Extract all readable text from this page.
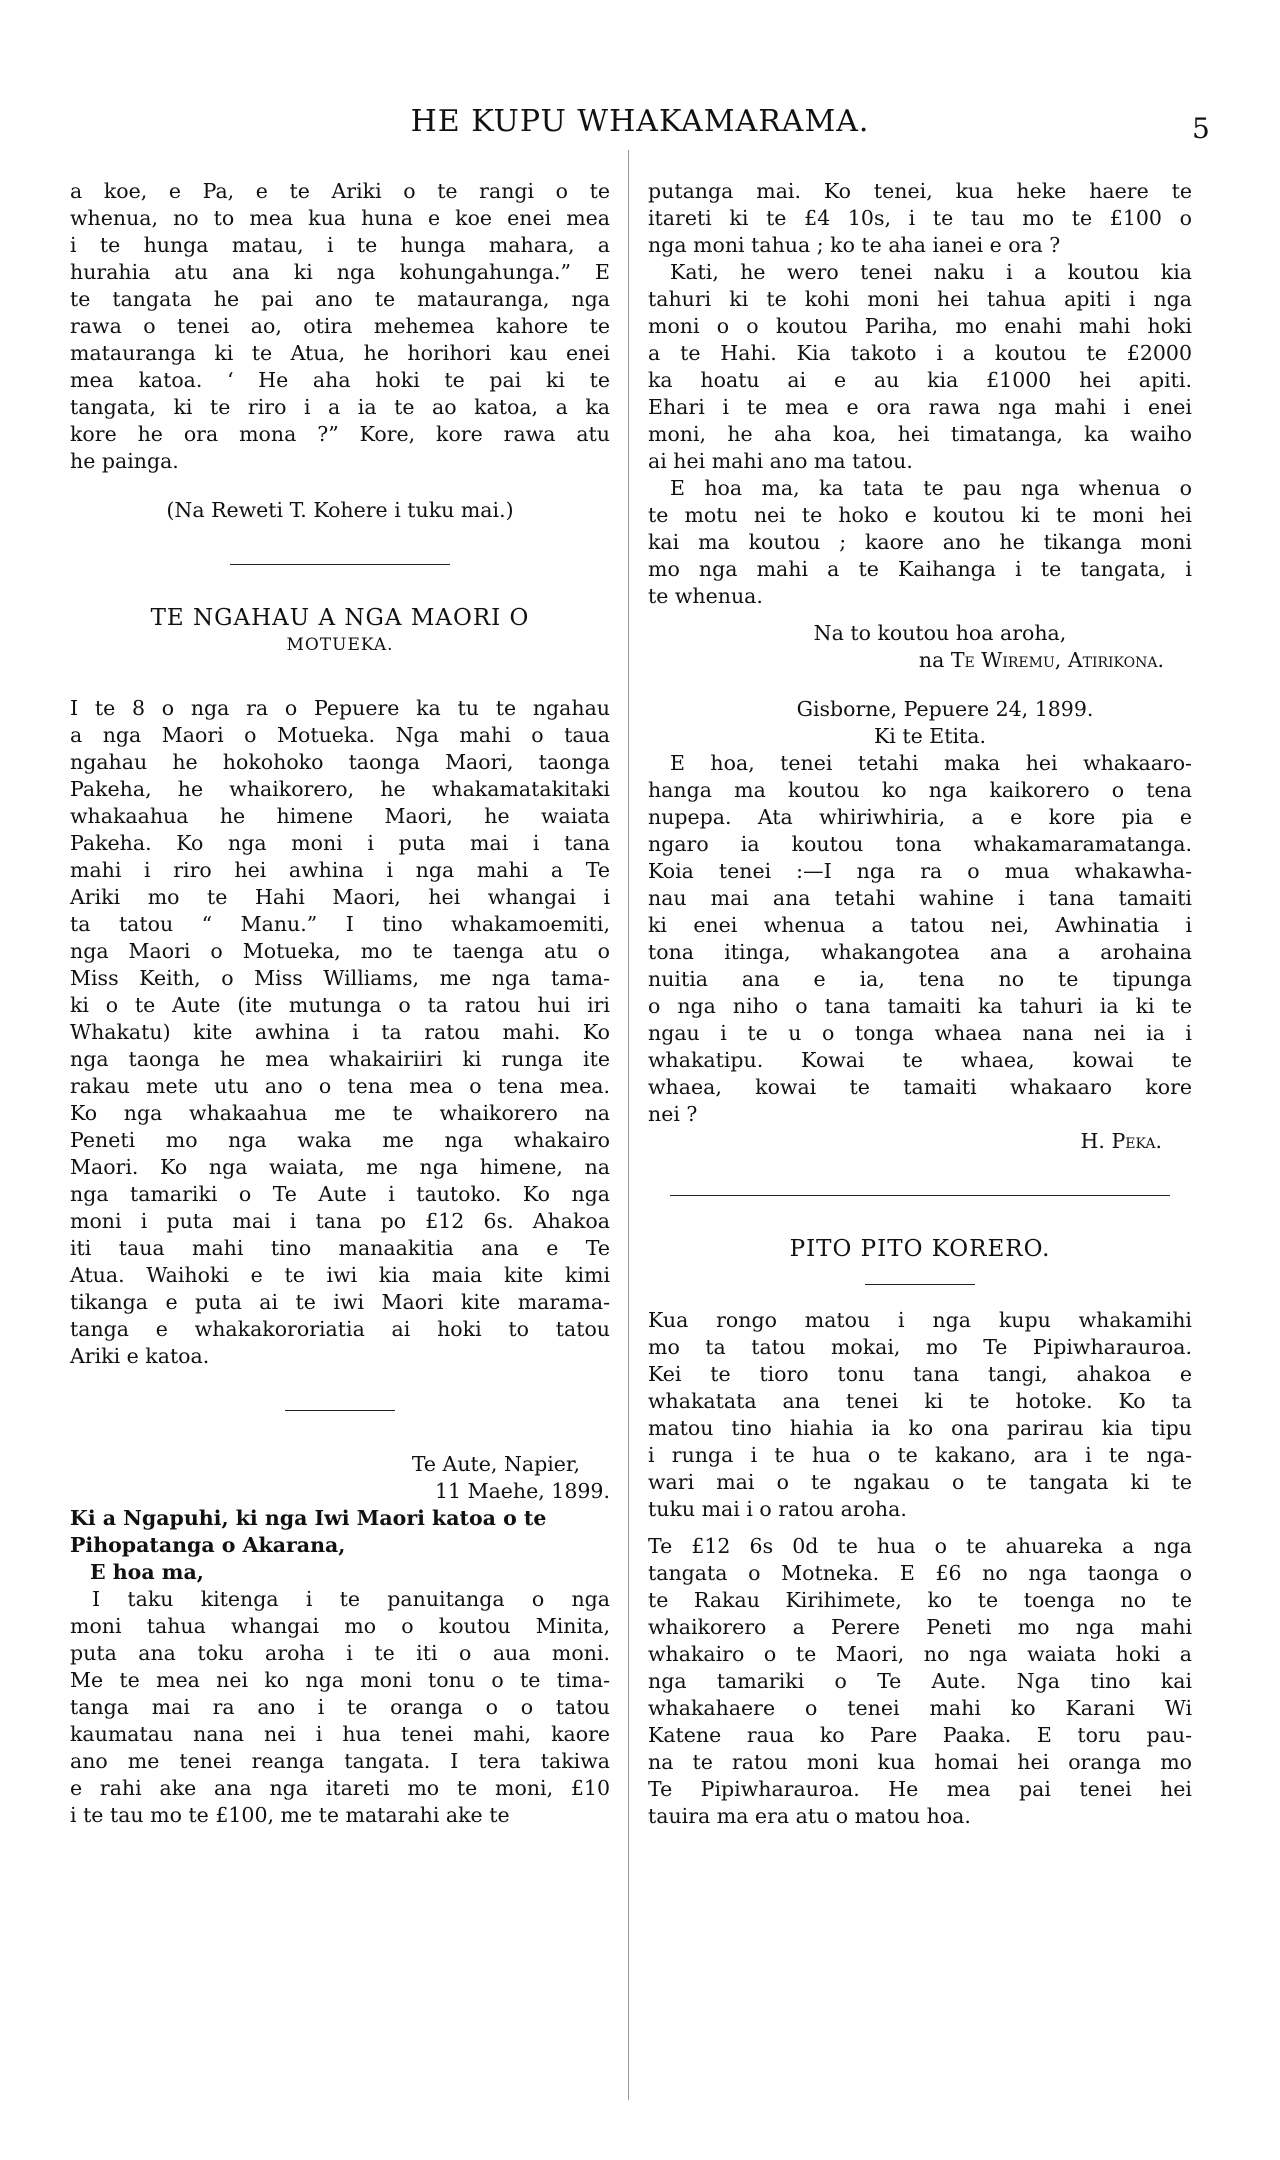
HE KUPU WHAKAMARAMA.	5
a koe, e Pa, e te Ariki o te rangi o te
whenua, no to mea kua huna e koe enei mea
i te hunga matau, i te hunga mahara, a
hurahia atu ana ki nga kohungahunga.” E
te tangata he pai ano te matauranga, nga
rawa o tenei ao, otira mehemea kahore te
matauranga ki te Atua, he horihori kau enei
mea katoa. ‘ He aha hoki te pai ki te
tangata, ki te riro i a ia te ao katoa, a ka
kore he ora mona ?” Kore, kore rawa atu
he painga.
(Na Reweti T. Kohere i tuku mai.)
TE NGAHAU A NGA MAORI O
MOTUEKA.
I te 8 o nga ra o Pepuere ka tu te ngahau
a nga Maori o Motueka. Nga mahi o taua
ngahau he hokohoko taonga Maori, taonga
Pakeha, he whaikorero, he whakamatakitaki
whakaahua he himene Maori, he waiata
Pakeha. Ko nga moni i puta mai i tana
mahi i riro hei awhina i nga mahi a Te
Ariki mo te Hahi Maori, hei whangai i
ta tatou “ Manu.” I tino whakamoemiti,
nga Maori o Motueka, mo te taenga atu o
Miss Keith, o Miss Williams, me nga tama-
ki o te Aute (ite mutunga o ta ratou hui iri
Whakatu) kite awhina i ta ratou mahi. Ko
nga taonga he mea whakairiiri ki runga ite
rakau mete utu ano o tena mea o tena mea.
Ko nga whakaahua me te whaikorero na
Peneti mo nga waka me nga whakairo
Maori. Ko nga waiata, me nga himene, na
nga tamariki o Te Aute i tautoko. Ko nga
moni i puta mai i tana po £12 6s. Ahakoa
iti taua mahi tino manaakitia ana e Te
Atua. Waihoki e te iwi kia maia kite kimi
tikanga e puta ai te iwi Maori kite marama-
tanga e whakakororiatia ai hoki to tatou
Ariki e katoa.
Te Aute, Napier,
11 Maehe, 1899.
Ki a Ngapuhi, ki nga Iwi Maori katoa o te
Pihopatanga o Akarana,
E hoa ma,
I taku kitenga i te panuitanga o nga
moni tahua whangai mo o koutou Minita,
puta ana toku aroha i te iti o aua moni.
Me te mea nei ko nga moni tonu o te tima-
tanga mai ra ano i te oranga o o tatou
kaumatau nana nei i hua tenei mahi, kaore
ano me tenei reanga tangata. I tera takiwa
e rahi ake ana nga itareti mo te moni, £10
i te tau mo te £100, me te matarahi ake te
putanga mai. Ko tenei, kua heke haere te
itareti ki te £4 10s, i te tau mo te £100 o
nga moni tahua ; ko te aha ianei e ora ?
Kati, he wero tenei naku i a koutou kia
tahuri ki te kohi moni hei tahua apiti i nga
moni o o koutou Pariha, mo enahi mahi hoki
a te Hahi. Kia takoto i a koutou te £2000
ka hoatu ai e au kia £1000 hei apiti.
Ehari i te mea e ora rawa nga mahi i enei
moni, he aha koa, hei timatanga, ka waiho
ai hei mahi ano ma tatou.
E hoa ma, ka tata te pau nga whenua o
te motu nei te hoko e koutou ki te moni hei
kai ma koutou ; kaore ano he tikanga moni
mo nga mahi a te Kaihanga i te tangata, i
te whenua.
Na to koutou hoa aroha,
na Te Wiremu, Atirikona.
Gisborne, Pepuere 24, 1899.
Ki te Etita.
E hoa, tenei tetahi maka hei whakaaro-
hanga ma koutou ko nga kaikorero o tena
nupepa. Ata whiriwhiria, a e kore pia e
ngaro ia koutou tona whakamaramatanga.
Koia tenei :—I nga ra o mua whakawha-
nau mai ana tetahi wahine i tana tamaiti
ki enei whenua a tatou nei, Awhinatia i
tona itinga, whakangotea ana a arohaina
nuitia ana e ia, tena no te tipunga
o nga niho o tana tamaiti ka tahuri ia ki te
ngau i te u o tonga whaea nana nei ia i
whakatipu. Kowai te whaea, kowai te
whaea, kowai te tamaiti whakaaro kore
nei ?
H. Peka.
PITO PITO KORERO.
Kua rongo matou i nga kupu whakamihi
mo ta tatou mokai, mo Te Pipiwharauroa.
Kei te tioro tonu tana tangi, ahakoa e
whakatata ana tenei ki te hotoke. Ko ta
matou tino hiahia ia ko ona parirau kia tipu
i runga i te hua o te kakano, ara i te nga-
wari mai o te ngakau o te tangata ki te
tuku mai i o ratou aroha.
Te £12 6s 0d te hua o te ahuareka a nga
tangata o Motneka. E £6 no nga taonga o
te Rakau Kirihimete, ko te toenga no te
whaikorero a Perere Peneti mo nga mahi
whakairo o te Maori, no nga waiata hoki a
nga tamariki o Te Aute. Nga tino kai
whakahaere o tenei mahi ko Karani Wi
Katene raua ko Pare Paaka. E toru pau-
na te ratou moni kua homai hei oranga mo
Te Pipiwharauroa. He mea pai tenei hei
tauira ma era atu o matou hoa.
